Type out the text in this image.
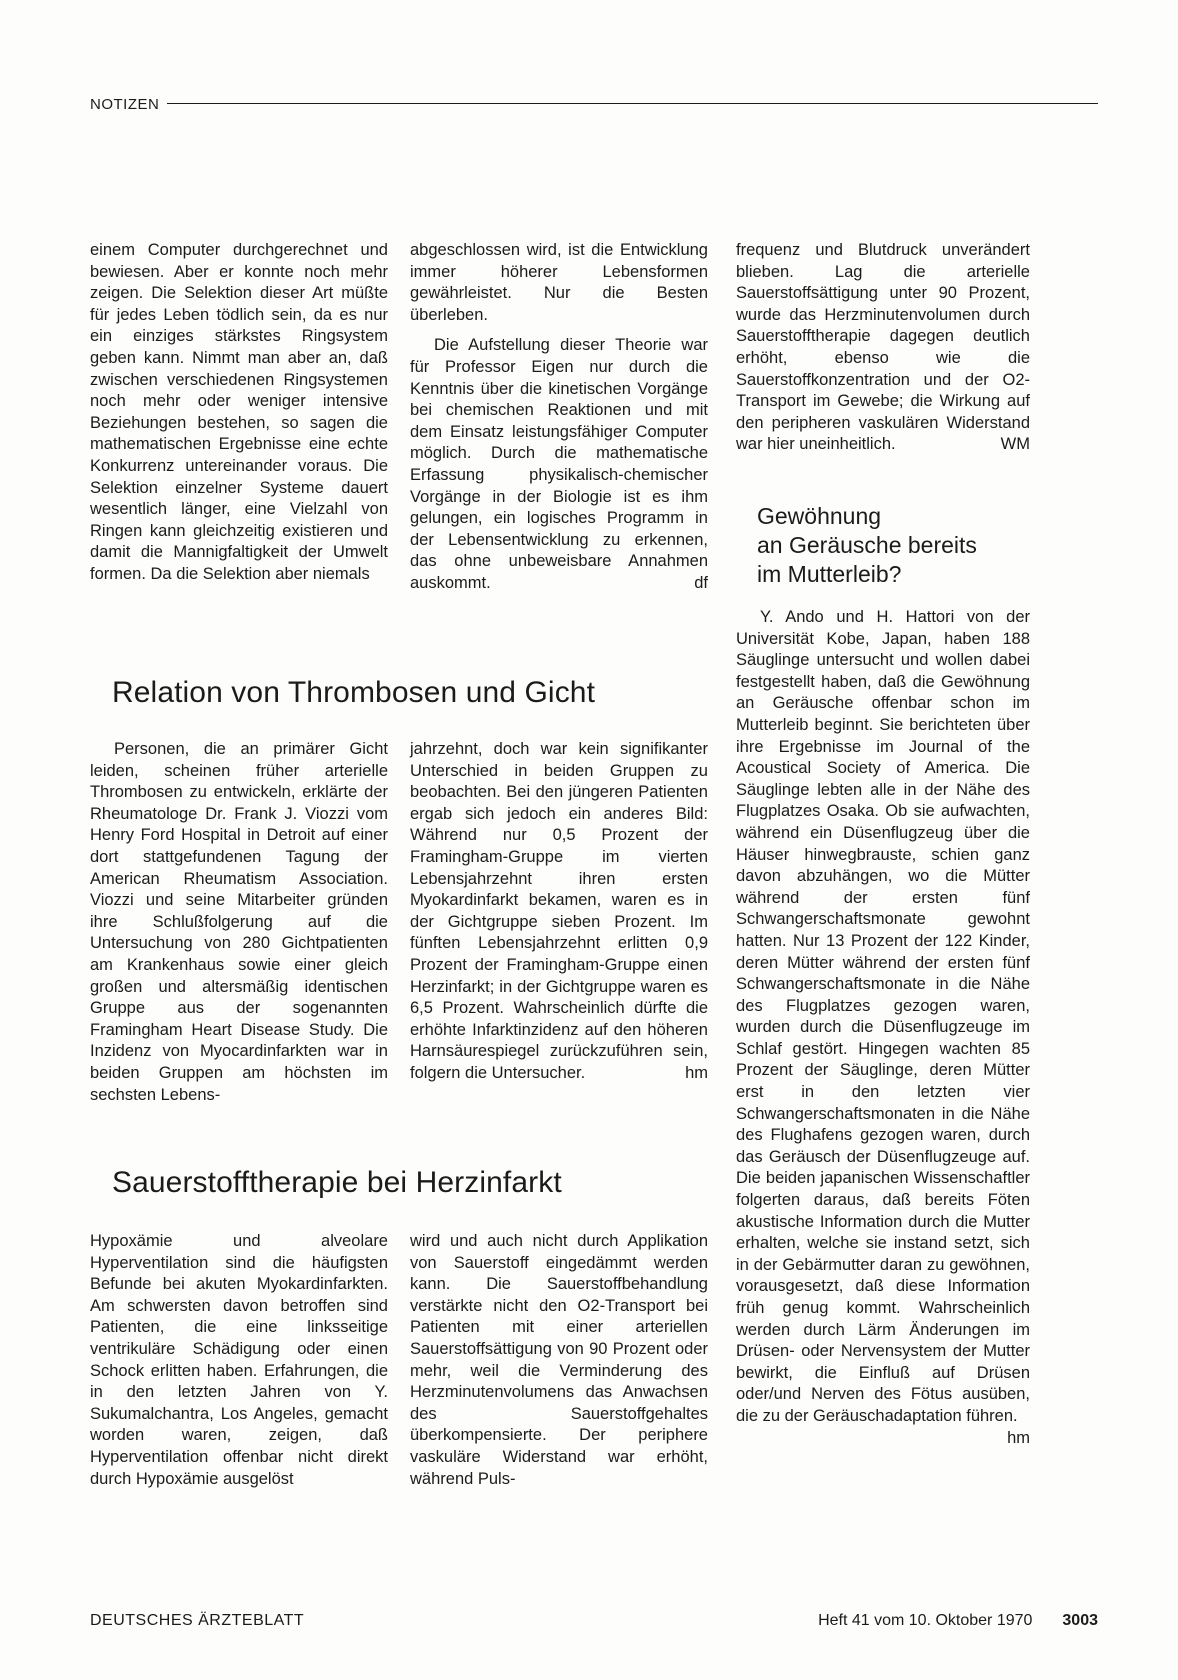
NOTIZEN

einem Computer durchgerechnet und bewiesen. Aber er konnte noch mehr zeigen. Die Selektion dieser Art müßte für jedes Leben tödlich sein, da es nur ein einziges stärkstes Ringsystem geben kann. Nimmt man aber an, daß zwischen verschiedenen Ringsystemen noch mehr oder weniger intensive Beziehungen bestehen, so sagen die mathematischen Ergebnisse eine echte Konkurrenz untereinander voraus. Die Selektion einzelner Systeme dauert wesentlich länger, eine Vielzahl von Ringen kann gleichzeitig existieren und damit die Mannigfaltigkeit der Umwelt formen. Da die Selektion aber niemals

abgeschlossen wird, ist die Entwicklung immer höherer Lebensformen gewährleistet. Nur die Besten überleben.

Die Aufstellung dieser Theorie war für Professor Eigen nur durch die Kenntnis über die kinetischen Vorgänge bei chemischen Reaktionen und mit dem Einsatz leistungsfähiger Computer möglich. Durch die mathematische Erfassung physikalisch-chemischer Vorgänge in der Biologie ist es ihm gelungen, ein logisches Programm in der Lebensentwicklung zu erkennen, das ohne unbeweisbare Annahmen auskommt.	df

Relation von Thrombosen und Gicht

Personen, die an primärer Gicht leiden, scheinen früher arterielle Thrombosen zu entwickeln, erklärte der Rheumatologe Dr. Frank J. Viozzi vom Henry Ford Hospital in Detroit auf einer dort stattgefundenen Tagung der American Rheumatism Association. Viozzi und seine Mitarbeiter gründen ihre Schlußfolgerung auf die Untersuchung von 280 Gichtpatienten am Krankenhaus sowie einer gleich großen und altersmäßig identischen Gruppe aus der sogenannten Framingham Heart Disease Study. Die Inzidenz von Myocardinfarkten war in beiden Gruppen am höchsten im sechsten Lebens-

jahrzehnt, doch war kein signifikanter Unterschied in beiden Gruppen zu beobachten. Bei den jüngeren Patienten ergab sich jedoch ein anderes Bild: Während nur 0,5 Prozent der Framingham-Gruppe im vierten Lebensjahrzehnt ihren ersten Myokardinfarkt bekamen, waren es in der Gichtgruppe sieben Prozent. Im fünften Lebensjahrzehnt erlitten 0,9 Prozent der Framingham-Gruppe einen Herzinfarkt; in der Gichtgruppe waren es 6,5 Prozent. Wahrscheinlich dürfte die erhöhte Infarktinzidenz auf den höheren Harnsäurespiegel zurückzuführen sein, folgern die Untersucher.	hm

Sauerstofftherapie bei Herzinfarkt

Hypoxämie und alveolare Hyperventilation sind die häufigsten Befunde bei akuten Myokardinfarkten. Am schwersten davon betroffen sind Patienten, die eine linksseitige ventrikuläre Schädigung oder einen Schock erlitten haben. Erfahrungen, die in den letzten Jahren von Y. Sukumalchantra, Los Angeles, gemacht worden waren, zeigen, daß Hyperventilation offenbar nicht direkt durch Hypoxämie ausgelöst

wird und auch nicht durch Applikation von Sauerstoff eingedämmt werden kann. Die Sauerstoffbehandlung verstärkte nicht den O2-Transport bei Patienten mit einer arteriellen Sauerstoffsättigung von 90 Prozent oder mehr, weil die Verminderung des Herzminutenvolumens das Anwachsen des Sauerstoffgehaltes überkompensierte. Der periphere vaskuläre Widerstand war erhöht, während Puls-

frequenz und Blutdruck unverändert blieben. Lag die arterielle Sauerstoffsättigung unter 90 Prozent, wurde das Herzminutenvolumen durch Sauerstofftherapie dagegen deutlich erhöht, ebenso wie die Sauerstoffkonzentration und der O2-Transport im Gewebe; die Wirkung auf den peripheren vaskulären Widerstand war hier uneinheitlich.	WM

Gewöhnung
an Geräusche bereits
im Mutterleib?

Y. Ando und H. Hattori von der Universität Kobe, Japan, haben 188 Säuglinge untersucht und wollen dabei festgestellt haben, daß die Gewöhnung an Geräusche offenbar schon im Mutterleib beginnt. Sie berichteten über ihre Ergebnisse im Journal of the Acoustical Society of America. Die Säuglinge lebten alle in der Nähe des Flugplatzes Osaka. Ob sie aufwachten, während ein Düsenflugzeug über die Häuser hinwegbrauste, schien ganz davon abzuhängen, wo die Mütter während der ersten fünf Schwangerschaftsmonate gewohnt hatten. Nur 13 Prozent der 122 Kinder, deren Mütter während der ersten fünf Schwangerschaftsmonate in die Nähe des Flugplatzes gezogen waren, wurden durch die Düsenflugzeuge im Schlaf gestört. Hingegen wachten 85 Prozent der Säuglinge, deren Mütter erst in den letzten vier Schwangerschaftsmonaten in die Nähe des Flughafens gezogen waren, durch das Geräusch der Düsenflugzeuge auf. Die beiden japanischen Wissenschaftler folgerten daraus, daß bereits Föten akustische Information durch die Mutter erhalten, welche sie instand setzt, sich in der Gebärmutter daran zu gewöhnen, vorausgesetzt, daß diese Information früh genug kommt. Wahrscheinlich werden durch Lärm Änderungen im Drüsen- oder Nervensystem der Mutter bewirkt, die Einfluß auf Drüsen oder/und Nerven des Fötus ausüben, die zu der Geräuschadaptation führen.
hm

DEUTSCHES ÄRZTEBLATT	Heft 41 vom 10. Oktober 1970 3003
